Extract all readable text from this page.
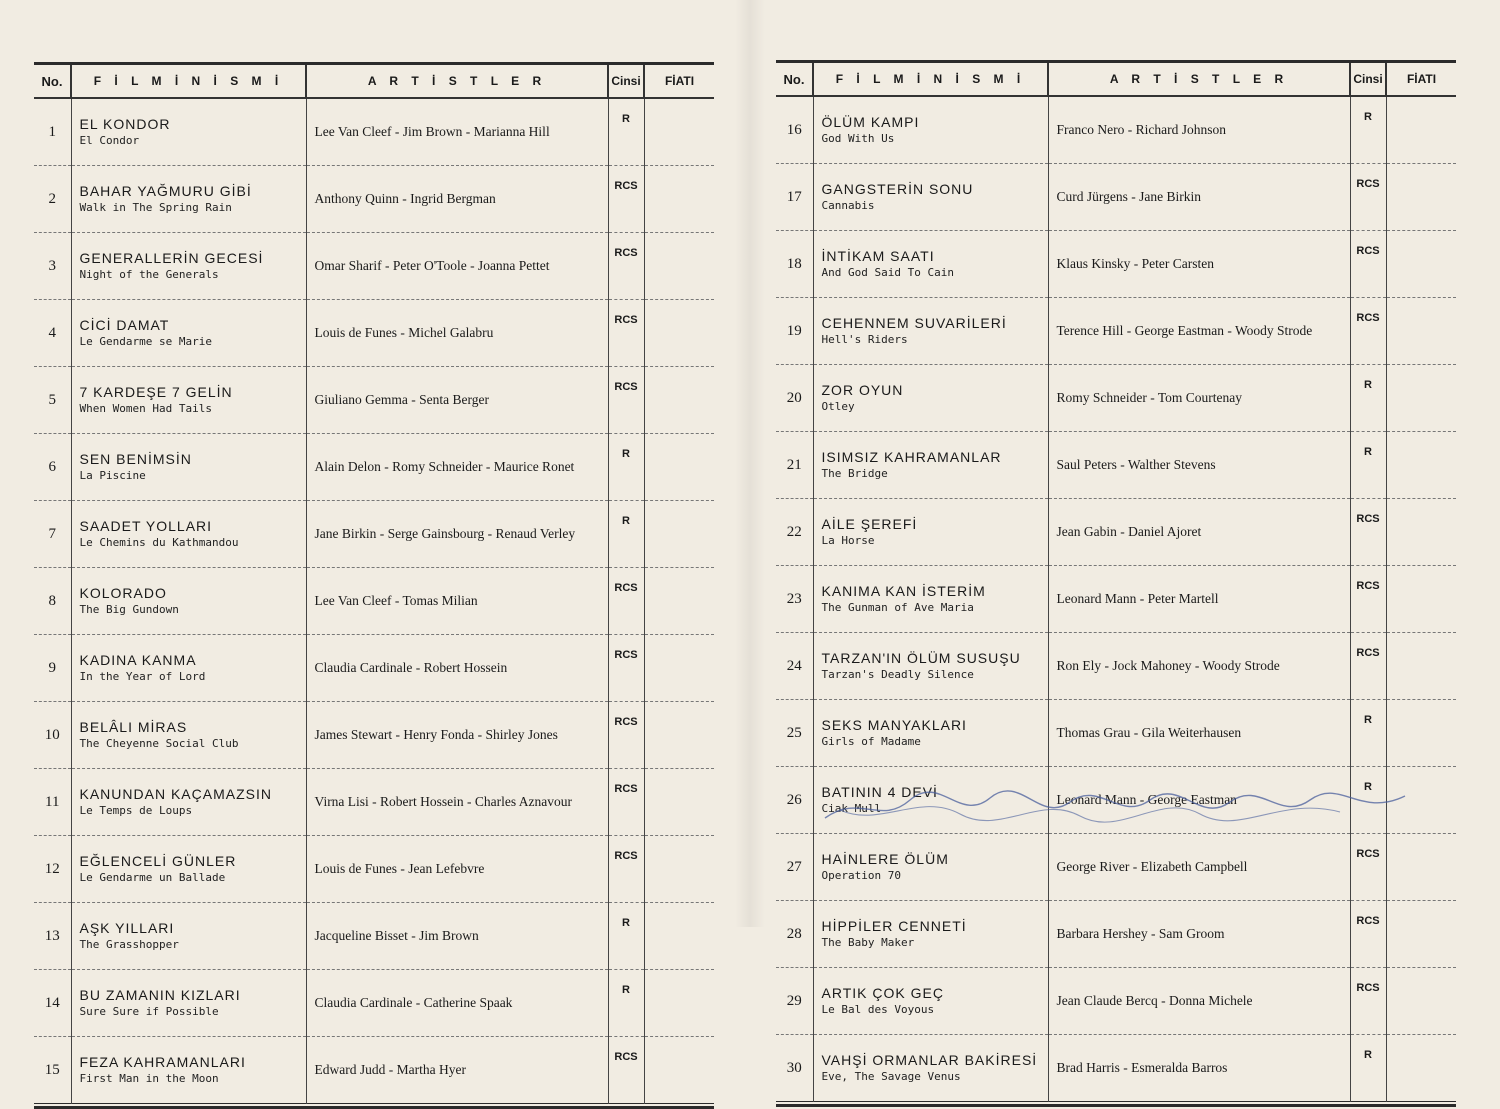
No.	F İ L M İ N İ S M İ	A R T İ S T L E R	Cinsi	FİATI
1	EL KONDOR
El Condor	Lee Van Cleef - Jim Brown - Marianna Hill	R	
2	BAHAR YAĞMURU GİBİ
Walk in The Spring Rain	Anthony Quinn - Ingrid Bergman	RCS	
3	GENERALLERİN GECESİ
Night of the Generals	Omar Sharif - Peter O'Toole - Joanna Pettet	RCS	
4	CİCİ DAMAT
Le Gendarme se Marie	Louis de Funes - Michel Galabru	RCS	
5	7 KARDEŞE 7 GELİN
When Women Had Tails	Giuliano Gemma - Senta Berger	RCS	
6	SEN BENİMSİN
La Piscine	Alain Delon - Romy Schneider - Maurice Ronet	R	
7	SAADET YOLLARI
Le Chemins du Kathmandou	Jane Birkin - Serge Gainsbourg - Renaud Verley	R	
8	KOLORADO
The Big Gundown	Lee Van Cleef - Tomas Milian	RCS	
9	KADINA KANMA
In the Year of Lord	Claudia Cardinale - Robert Hossein	RCS	
10	BELÂLI MİRAS
The Cheyenne Social Club	James Stewart - Henry Fonda - Shirley Jones	RCS	
11	KANUNDAN KAÇAMAZSIN
Le Temps de Loups	Virna Lisi - Robert Hossein - Charles Aznavour	RCS	
12	EĞLENCELİ GÜNLER
Le Gendarme un Ballade	Louis de Funes - Jean Lefebvre	RCS	
13	AŞK YILLARI
The Grasshopper	Jacqueline Bisset - Jim Brown	R	
14	BU ZAMANIN KIZLARI
Sure Sure if Possible	Claudia Cardinale - Catherine Spaak	R	
15	FEZA KAHRAMANLARI
First Man in the Moon	Edward Judd - Martha Hyer	RCS	
No.	F İ L M İ N İ S M İ	A R T İ S T L E R	Cinsi	FİATI
16	ÖLÜM KAMPI
God With Us	Franco Nero - Richard Johnson	R	
17	GANGSTERİN SONU
Cannabis	Curd Jürgens - Jane Birkin	RCS	
18	İNTİKAM SAATI
And God Said To Cain	Klaus Kinsky - Peter Carsten	RCS	
19	CEHENNEM SUVARİLERİ
Hell's Riders	Terence Hill - George Eastman - Woody Strode	RCS	
20	ZOR OYUN
Otley	Romy Schneider - Tom Courtenay	R	
21	ISIMSIZ KAHRAMANLAR
The Bridge	Saul Peters - Walther Stevens	R	
22	AİLE ŞEREFİ
La Horse	Jean Gabin - Daniel Ajoret	RCS	
23	KANIMA KAN İSTERİM
The Gunman of Ave Maria	Leonard Mann - Peter Martell	RCS	
24	TARZAN'IN ÖLÜM SUSUŞU
Tarzan's Deadly Silence	Ron Ely - Jock Mahoney - Woody Strode	RCS	
25	SEKS MANYAKLARI
Girls of Madame	Thomas Grau - Gila Weiterhausen	R	
26	BATININ 4 DEVİ
Ciak Mull	Leonard Mann - George Eastman	R	
27	HAİNLERE ÖLÜM
Operation 70	George River - Elizabeth Campbell	RCS	
28	HİPPİLER CENNETİ
The Baby Maker	Barbara Hershey - Sam Groom	RCS	
29	ARTIK ÇOK GEÇ
Le Bal des Voyous	Jean Claude Bercq - Donna Michele	RCS	
30	VAHŞİ ORMANLAR BAKİRESİ
Eve, The Savage Venus	Brad Harris - Esmeralda Barros	R	
